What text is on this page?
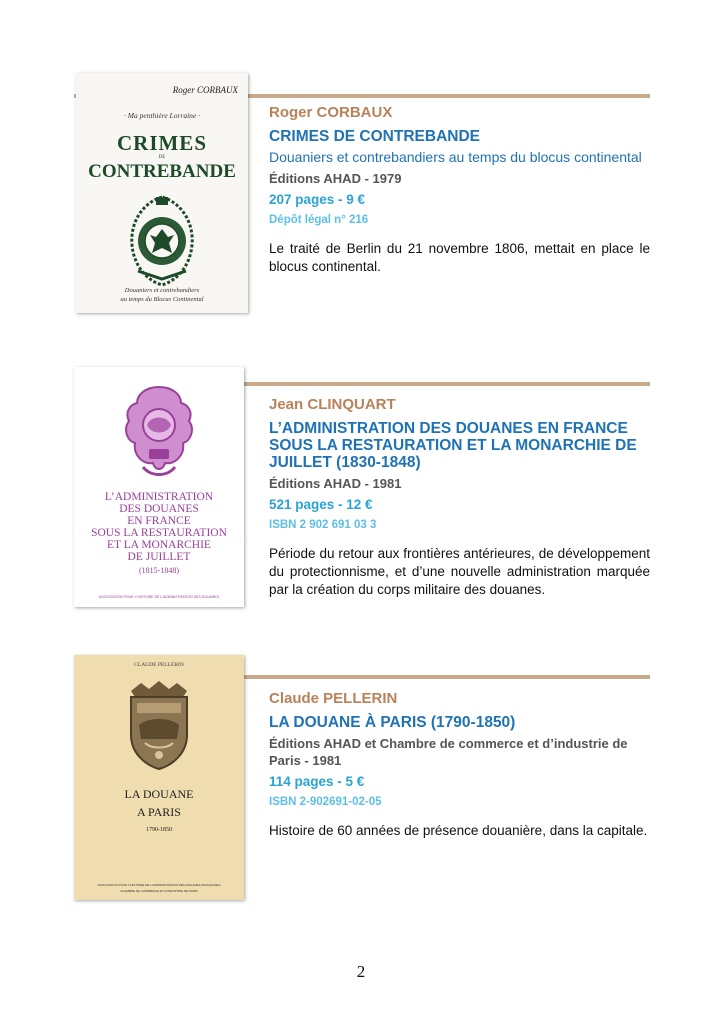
Roger CORBAUX
· Ma penthière Lorraine ·
CRIMES
DE
CONTREBANDE
Douaniers et contrebandiers
au temps du Blocus Continental

Roger CORBAUX

CRIMES DE CONTREBANDE

Douaniers et contrebandiers au temps du blocus continental

Éditions AHAD - 1979

207 pages - 9 €

Dépôt légal n° 216

Le traité de Berlin du 21 novembre 1806, mettait en place le blocus continental.

L’ADMINISTRATION
DES DOUANES
EN FRANCE
SOUS LA RESTAURATION
ET LA MONARCHIE
DE JUILLET
(1815-1848)
ASSOCIATION POUR L’HISTOIRE DE L’ADMINISTRATION DES DOUANES

Jean CLINQUART

L’ADMINISTRATION DES DOUANES EN FRANCE SOUS LA RESTAURATION ET LA MONARCHIE DE JUILLET (1830-1848)

Éditions AHAD - 1981

521 pages - 12 €

ISBN 2 902 691 03 3

Période du retour aux frontières antérieures, de développement du protectionnisme, et d’une nouvelle administration marquée par la création du corps militaire des douanes.

CLAUDE PELLERIN
LA DOUANE
A PARIS
1790-1850
ASSOCIATION POUR L’HISTOIRE DE L’ADMINISTRATION DES DOUANES FRANÇAISES
CHAMBRE DE COMMERCE ET D’INDUSTRIE DE PARIS

Claude PELLERIN

LA DOUANE À PARIS (1790-1850)

Éditions AHAD et Chambre de commerce et d’industrie de Paris - 1981

114 pages - 5 €

ISBN 2-902691-02-05

Histoire de 60 années de présence douanière, dans la capitale.

2
